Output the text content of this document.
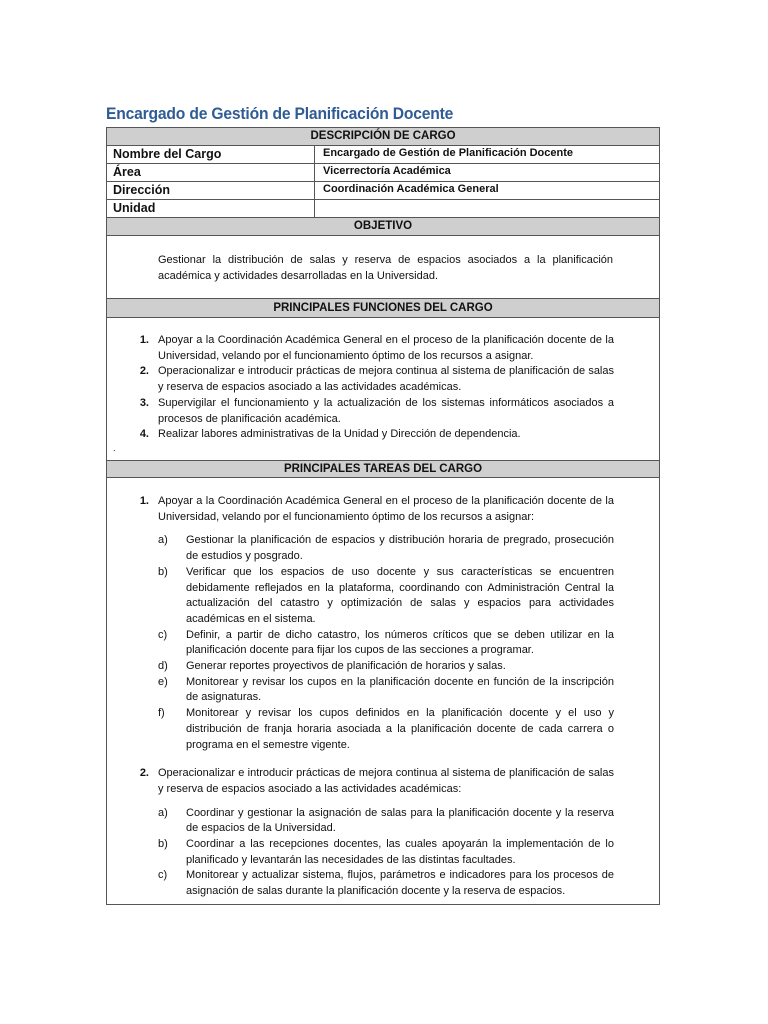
Encargado de Gestión de Planificación Docente
DESCRIPCIÓN DE CARGO
Nombre del Cargo	Encargado de Gestión de Planificación Docente
Área	Vicerrectoría Académica
Dirección	Coordinación Académica General
Unidad
OBJETIVO
Gestionar la distribución de salas y reserva de espacios asociados a la planificación académica y actividades desarrolladas en la Universidad.
PRINCIPALES FUNCIONES DEL CARGO
1. Apoyar a la Coordinación Académica General en el proceso de la planificación docente de la Universidad, velando por el funcionamiento óptimo de los recursos a asignar.
2. Operacionalizar e introducir prácticas de mejora continua al sistema de planificación de salas y reserva de espacios asociado a las actividades académicas.
3. Supervigilar el funcionamiento y la actualización de los sistemas informáticos asociados a procesos de planificación académica.
4. Realizar labores administrativas de la Unidad y Dirección de dependencia.
.
PRINCIPALES TAREAS DEL CARGO
1. Apoyar a la Coordinación Académica General en el proceso de la planificación docente de la Universidad, velando por el funcionamiento óptimo de los recursos a asignar:
a)	Gestionar la planificación de espacios y distribución horaria de pregrado, prosecución de estudios y posgrado.
b)	Verificar que los espacios de uso docente y sus características se encuentren debidamente reflejados en la plataforma, coordinando con Administración Central la actualización del catastro y optimización de salas y espacios para actividades académicas en el sistema.
c)	Definir, a partir de dicho catastro, los números críticos que se deben utilizar en la planificación docente para fijar los cupos de las secciones a programar.
d)	Generar reportes proyectivos de planificación de horarios y salas.
e)	Monitorear y revisar los cupos en la planificación docente en función de la inscripción de asignaturas.
f)	Monitorear y revisar los cupos definidos en la planificación docente y el uso y distribución de franja horaria asociada a la planificación docente de cada carrera o programa en el semestre vigente.
2. Operacionalizar e introducir prácticas de mejora continua al sistema de planificación de salas y reserva de espacios asociado a las actividades académicas:
a)	Coordinar y gestionar la asignación de salas para la planificación docente y la reserva de espacios de la Universidad.
b)	Coordinar a las recepciones docentes, las cuales apoyarán la implementación de lo planificado y levantarán las necesidades de las distintas facultades.
c)	Monitorear y actualizar sistema, flujos, parámetros e indicadores para los procesos de asignación de salas durante la planificación docente y la reserva de espacios.
